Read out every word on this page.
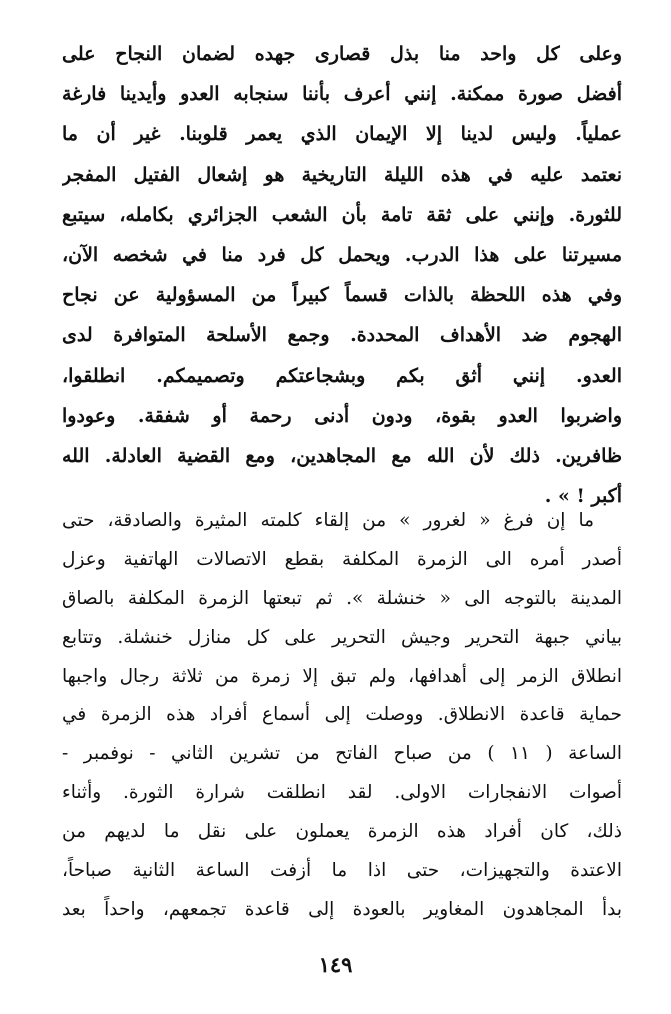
وعلى كل واحد منا بذل قصارى جهده لضمان النجاح على
أفضل صورة ممكنة. إنني أعرف بأننا سنجابه العدو وأيدينا فارغة
عملياً. وليس لدينا إلا الإيمان الذي يعمر قلوبنا. غير أن ما
نعتمد عليه في هذه الليلة التاريخية هو إشعال الفتيل المفجر
للثورة. وإنني على ثقة تامة بأن الشعب الجزائري بكامله، سيتبع
مسيرتنا على هذا الدرب. ويحمل كل فرد منا في شخصه الآن،
وفي هذه اللحظة بالذات قسماً كبيراً من المسؤولية عن نجاح
الهجوم ضد الأهداف المحددة. وجمع الأسلحة المتوافرة لدى
العدو. إنني أثق بكم وبشجاعتكم وتصميمكم. انطلقوا،
واضربوا العدو بقوة، ودون أدنى رحمة أو شفقة. وعودوا
ظافرين. ذلك لأن الله مع المجاهدين، ومع القضية العادلة. الله
أكبر ! » .
ما إن فرغ « لغرور » من إلقاء كلمته المثيرة والصادقة، حتى
أصدر أمره الى الزمرة المكلفة بقطع الاتصالات الهاتفية وعزل
المدينة بالتوجه الى « خنشلة ». ثم تبعتها الزمرة المكلفة بالصاق
بياني جبهة التحرير وجيش التحرير على كل منازل خنشلة. وتتابع
انطلاق الزمر إلى أهدافها، ولم تبق إلا زمرة من ثلاثة رجال واجبها
حماية قاعدة الانطلاق. ووصلت إلى أسماع أفراد هذه الزمرة في
الساعة ( ١١ ) من صباح الفاتح من تشرين الثاني - نوفمبر -
أصوات الانفجارات الاولى. لقد انطلقت شرارة الثورة. وأثناء
ذلك، كان أفراد هذه الزمرة يعملون على نقل ما لديهم من
الاعتدة والتجهيزات، حتى اذا ما أزفت الساعة الثانية صباحاً،
بدأ المجاهدون المغاوير بالعودة إلى قاعدة تجمعهم، واحداً بعد
١٤٩
